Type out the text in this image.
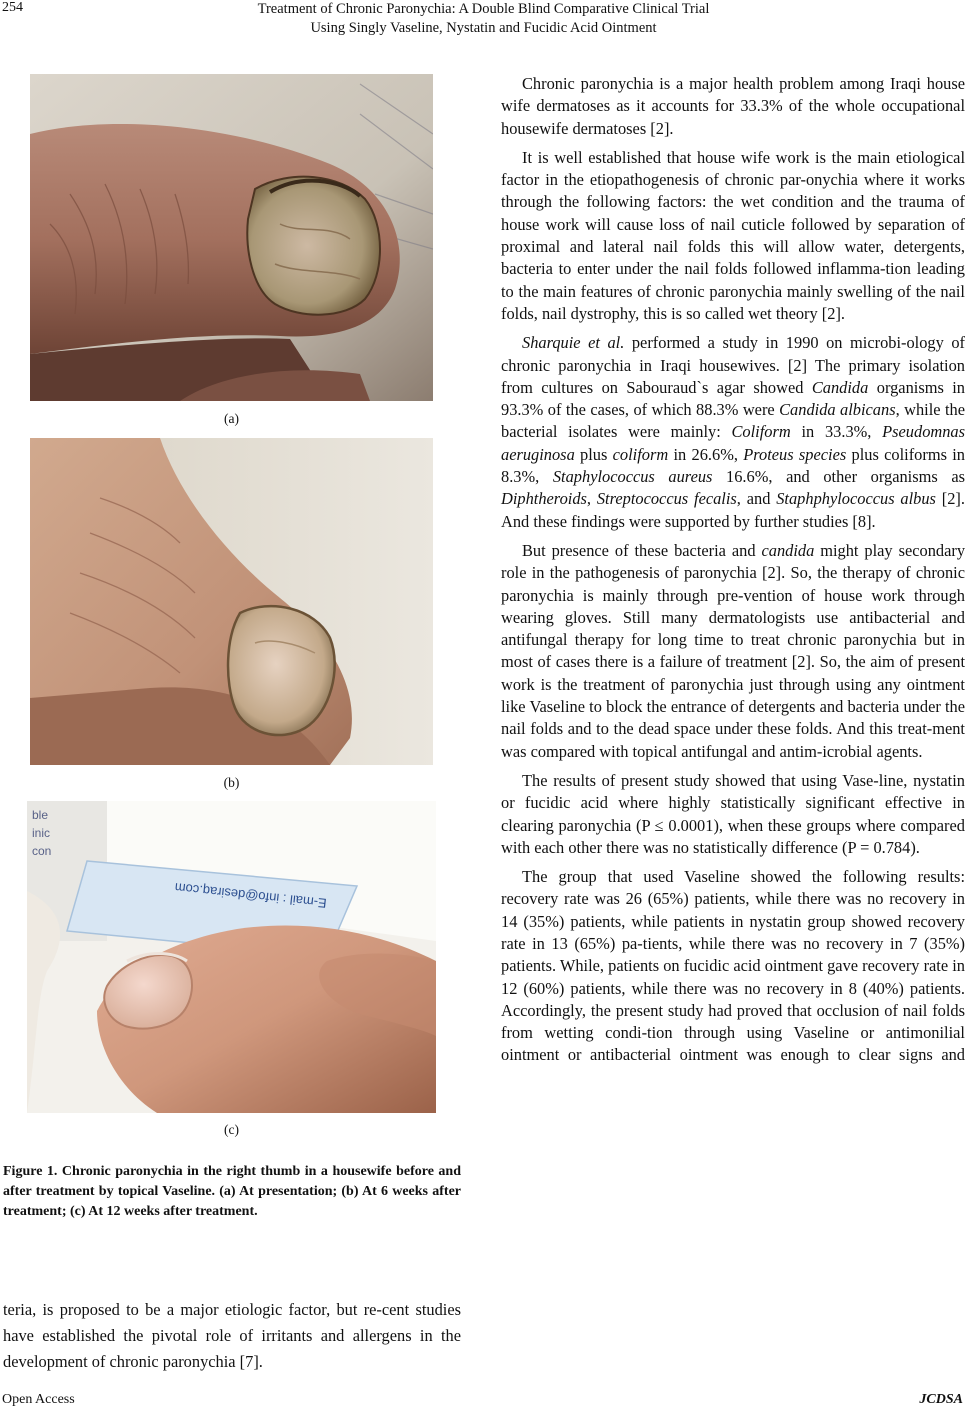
254	Treatment of Chronic Paronychia: A Double Blind Comparative Clinical Trial
Using Singly Vaseline, Nystatin and Fucidic Acid Ointment
(a)
(b)
ble
inic
con
E-mail : info@desiraq.com
(c)
Figure 1. Chronic paronychia in the right thumb in a housewife before and after treatment by topical Vaseline. (a) At presentation; (b) At 6 weeks after treatment; (c) At 12 weeks after treatment.
teria, is proposed to be a major etiologic factor, but re-cent studies have established the pivotal role of irritants and allergens in the development of chronic paronychia [7].

Chronic paronychia is a major health problem among Iraqi house wife dermatoses as it accounts for 33.3% of the whole occupational housewife dermatoses [2].

It is well established that house wife work is the main etiological factor in the etiopathogenesis of chronic par-onychia where it works through the following factors: the wet condition and the trauma of house work will cause loss of nail cuticle followed by separation of proximal and lateral nail folds this will allow water, detergents, bacteria to enter under the nail folds followed inflamma-tion leading to the main features of chronic paronychia mainly swelling of the nail folds, nail dystrophy, this is so called wet theory [2].

Sharquie et al. performed a study in 1990 on microbi-ology of chronic paronychia in Iraqi housewives. [2] The primary isolation from cultures on Sabouraud`s agar showed Candida organisms in 93.3% of the cases, of which 88.3% were Candida albicans, while the bacterial isolates were mainly: Coliform in 33.3%, Pseudomnas aeruginosa plus coliform in 26.6%, Proteus species plus coliforms in 8.3%, Staphylococcus aureus 16.6%, and other organisms as Diphtheroids, Streptococcus fecalis, and Staphphylococcus albus [2]. And these findings were supported by further studies [8].

But presence of these bacteria and candida might play secondary role in the pathogenesis of paronychia [2]. So, the therapy of chronic paronychia is mainly through pre-vention of house work through wearing gloves. Still many dermatologists use antibacterial and antifungal therapy for long time to treat chronic paronychia but in most of cases there is a failure of treatment [2]. So, the aim of present work is the treatment of paronychia just through using any ointment like Vaseline to block the entrance of detergents and bacteria under the nail folds and to the dead space under these folds. And this treat-ment was compared with topical antifungal and antim-icrobial agents.

The results of present study showed that using Vase-line, nystatin or fucidic acid where highly statistically significant effective in clearing paronychia (P ≤ 0.0001), when these groups where compared with each other there was no statistically difference (P = 0.784).

The group that used Vaseline showed the following results: recovery rate was 26 (65%) patients, while there was no recovery in 14 (35%) patients, while patients in nystatin group showed recovery rate in 13 (65%) pa-tients, while there was no recovery in 7 (35%) patients. While, patients on fucidic acid ointment gave recovery rate in 12 (60%) patients, while there was no recovery in 8 (40%) patients. Accordingly, the present study had proved that occlusion of nail folds from wetting condi-tion through using Vaseline or antimonilial ointment or antibacterial ointment was enough to clear signs and

Open Access	JCDSA
